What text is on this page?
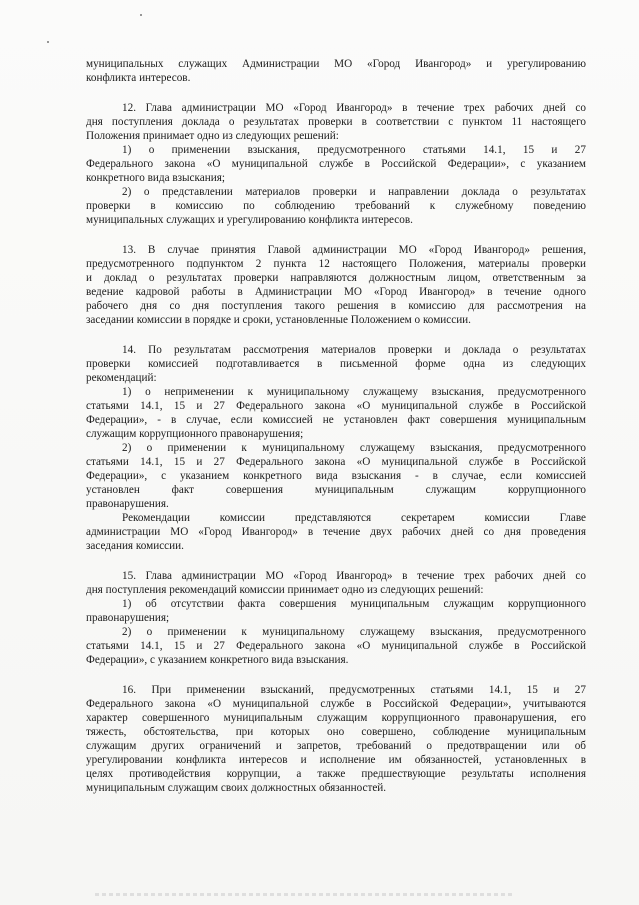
муниципальных служащих Администрации МО «Город Ивангород» и урегулированию
конфликта интересов.
12. Глава администрации МО «Город Ивангород» в течение трех рабочих дней со
дня поступления доклада о результатах проверки в соответствии с пунктом 11 настоящего
Положения принимает одно из следующих решений:
1) о применении взыскания, предусмотренного статьями 14.1, 15 и 27
Федерального закона «О муниципальной службе в Российской Федерации», с указанием
конкретного вида взыскания;
2) о представлении материалов проверки и направлении доклада о результатах
проверки в комиссию по соблюдению требований к служебному поведению
муниципальных служащих и урегулированию конфликта интересов.
13. В случае принятия Главой администрации МО «Город Ивангород» решения,
предусмотренного подпунктом 2 пункта 12 настоящего Положения, материалы проверки
и доклад о результатах проверки направляются должностным лицом, ответственным за
ведение кадровой работы в Администрации МО «Город Ивангород» в течение одного
рабочего дня со дня поступления такого решения в комиссию для рассмотрения на
заседании комиссии в порядке и сроки, установленные Положением о комиссии.
14. По результатам рассмотрения материалов проверки и доклада о результатах
проверки комиссией подготавливается в письменной форме одна из следующих
рекомендаций:
1) о неприменении к муниципальному служащему взыскания, предусмотренного
статьями 14.1, 15 и 27 Федерального закона «О муниципальной службе в Российской
Федерации», - в случае, если комиссией не установлен факт совершения муниципальным
служащим коррупционного правонарушения;
2) о применении к муниципальному служащему взыскания, предусмотренного
статьями 14.1, 15 и 27 Федерального закона «О муниципальной службе в Российской
Федерации», с указанием конкретного вида взыскания - в случае, если комиссией
установлен факт совершения муниципальным служащим коррупционного
правонарушения.
Рекомендации комиссии представляются секретарем комиссии Главе
администрации МО «Город Ивангород» в течение двух рабочих дней со дня проведения
заседания комиссии.
15. Глава администрации МО «Город Ивангород» в течение трех рабочих дней со
дня поступления рекомендаций комиссии принимает одно из следующих решений:
1) об отсутствии факта совершения муниципальным служащим коррупционного
правонарушения;
2) о применении к муниципальному служащему взыскания, предусмотренного
статьями 14.1, 15 и 27 Федерального закона «О муниципальной службе в Российской
Федерации», с указанием конкретного вида взыскания.
16. При применении взысканий, предусмотренных статьями 14.1, 15 и 27
Федерального закона «О муниципальной службе в Российской Федерации», учитываются
характер совершенного муниципальным служащим коррупционного правонарушения, его
тяжесть, обстоятельства, при которых оно совершено, соблюдение муниципальным
служащим других ограничений и запретов, требований о предотвращении или об
урегулировании конфликта интересов и исполнение им обязанностей, установленных в
целях противодействия коррупции, а также предшествующие результаты исполнения
муниципальным служащим своих должностных обязанностей.
